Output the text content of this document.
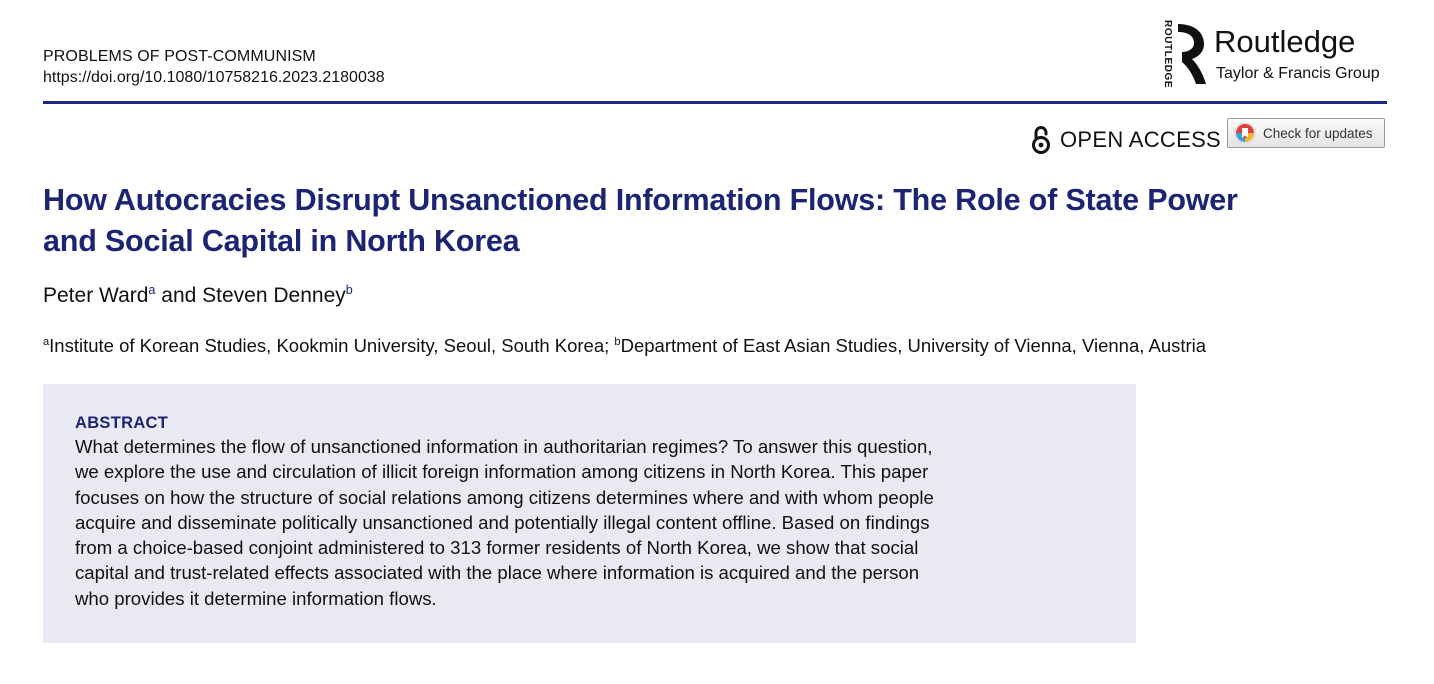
PROBLEMS OF POST-COMMUNISM
https://doi.org/10.1080/10758216.2023.2180038	ROUTLEDGE Routledge
Taylor & Francis Group
OPEN ACCESS	Check for updates
How Autocracies Disrupt Unsanctioned Information Flows: The Role of State Power
and Social Capital in North Korea
Peter Ward$^a$ and Steven Denney$^b$
$^a$Institute of Korean Studies, Kookmin University, Seoul, South Korea; $^b$Department of East Asian Studies, University of Vienna, Vienna, Austria
ABSTRACT
What determines the flow of unsanctioned information in authoritarian regimes? To answer this question,
we explore the use and circulation of illicit foreign information among citizens in North Korea. This paper
focuses on how the structure of social relations among citizens determines where and with whom people
acquire and disseminate politically unsanctioned and potentially illegal content offline. Based on findings
from a choice-based conjoint administered to 313 former residents of North Korea, we show that social
capital and trust-related effects associated with the place where information is acquired and the person
who provides it determine information flows.
